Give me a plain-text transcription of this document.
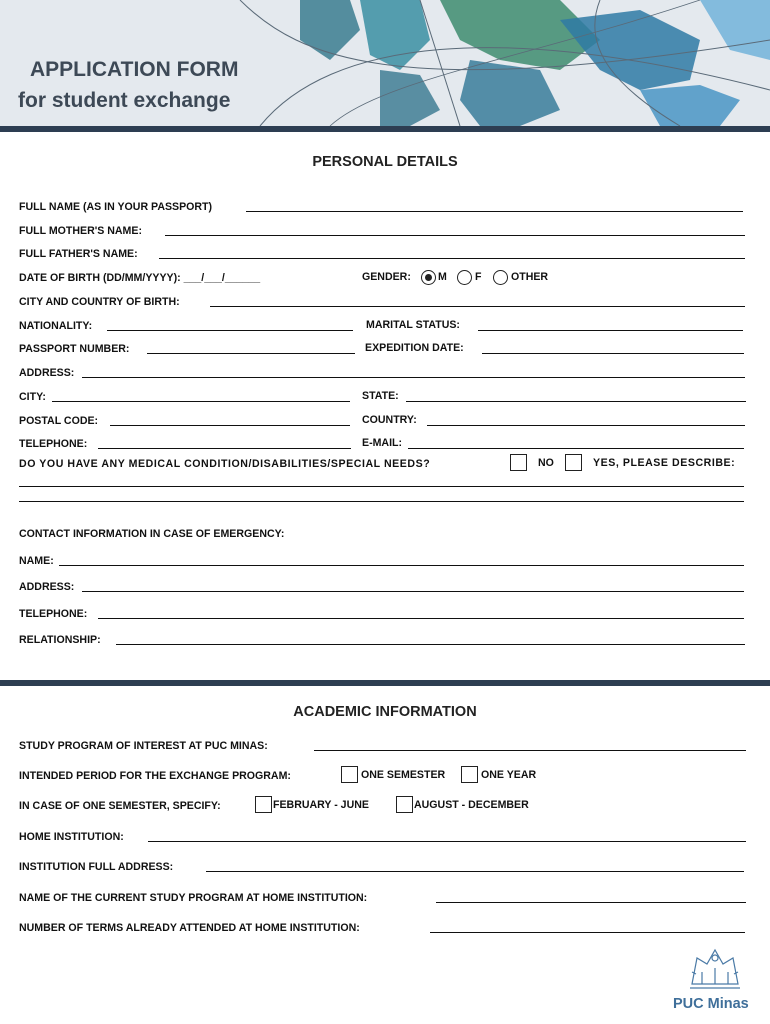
APPLICATION FORM
for student exchange
PERSONAL DETAILS
FULL NAME (AS IN YOUR PASSPORT)
FULL MOTHER'S NAME:
FULL FATHER'S NAME:
DATE OF BIRTH (DD/MM/YYYY): ___/___/______	GENDER:	M	F	OTHER
CITY AND COUNTRY OF BIRTH:
NATIONALITY:	MARITAL STATUS:
PASSPORT NUMBER:	EXPEDITION DATE:
ADDRESS:
CITY:	STATE:
POSTAL CODE:	COUNTRY:
TELEPHONE:	E-MAIL:
DO YOU HAVE ANY MEDICAL CONDITION/DISABILITIES/SPECIAL NEEDS?	NO	YES, PLEASE DESCRIBE:
CONTACT INFORMATION IN CASE OF EMERGENCY:
NAME:
ADDRESS:
TELEPHONE:
RELATIONSHIP:
ACADEMIC INFORMATION
STUDY PROGRAM OF INTEREST AT PUC MINAS:
INTENDED PERIOD FOR THE EXCHANGE PROGRAM:	ONE SEMESTER	ONE YEAR
IN CASE OF ONE SEMESTER, SPECIFY:	FEBRUARY - JUNE	AUGUST - DECEMBER
HOME INSTITUTION:
INSTITUTION FULL ADDRESS:
NAME OF THE CURRENT STUDY PROGRAM AT HOME INSTITUTION:
NUMBER OF TERMS ALREADY ATTENDED AT HOME INSTITUTION:
PUC Minas
